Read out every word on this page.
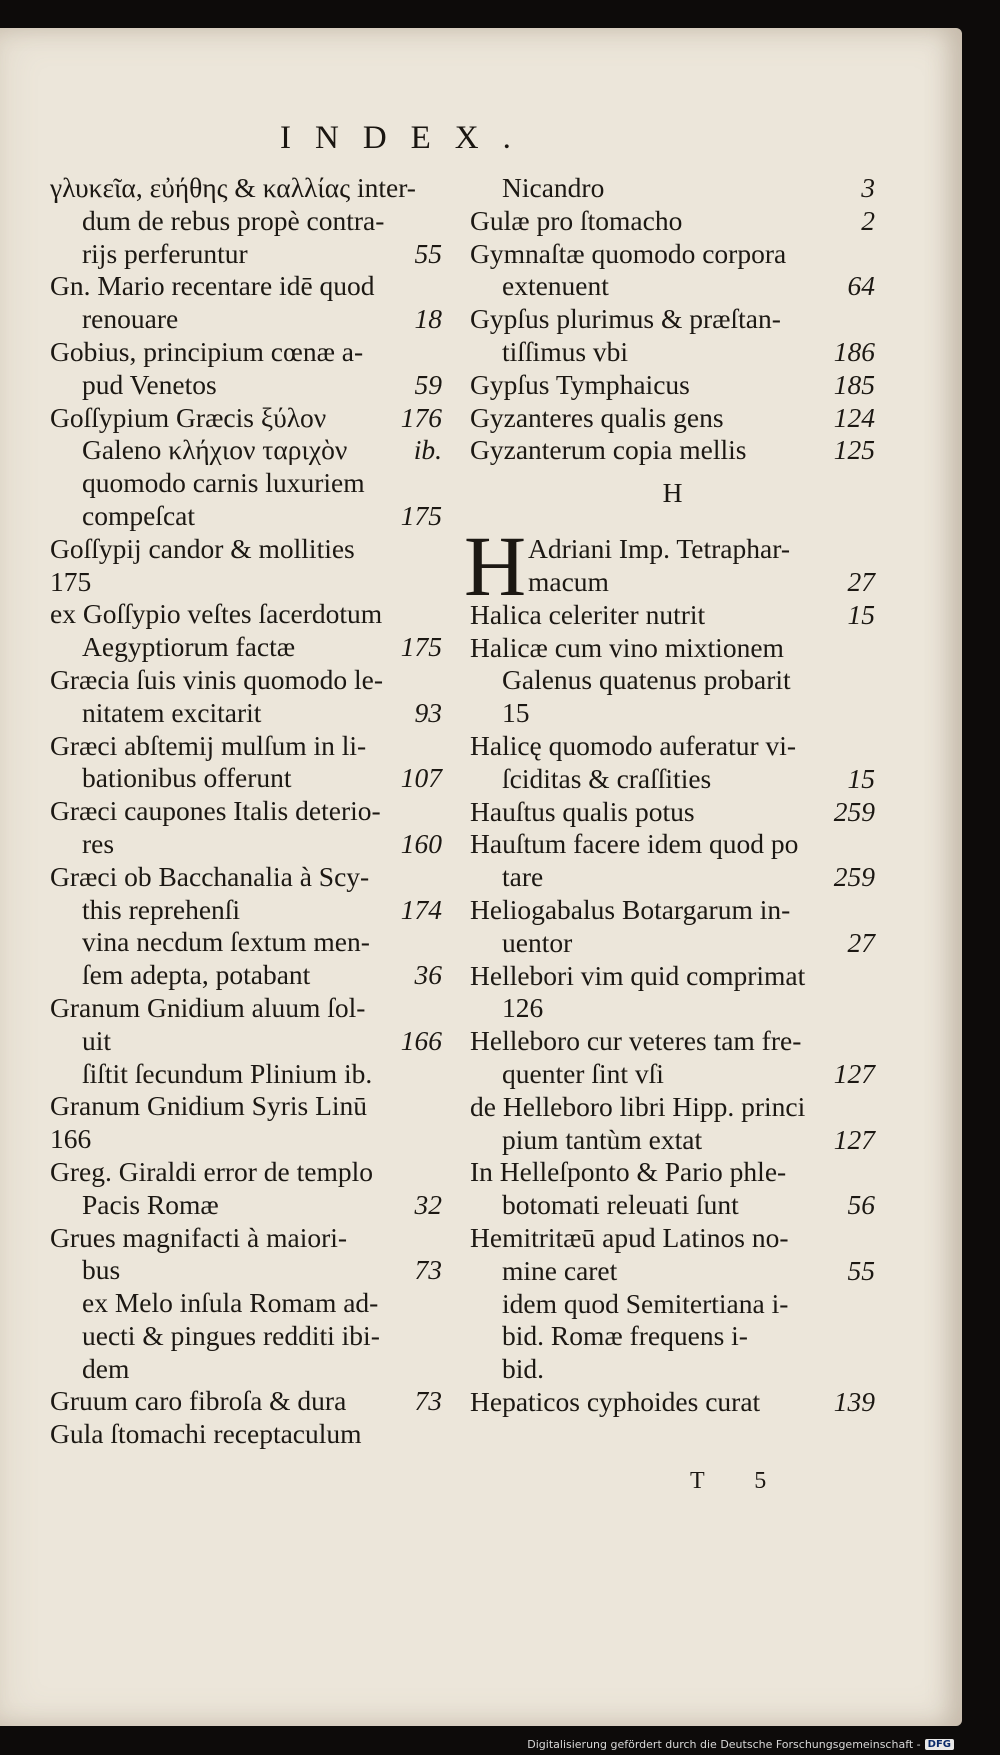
INDEX.
γλυκεῖα, εὐήθης & καλλίας inter-
dum de rebus propè contra-
rijs perferuntur	55
Gn. Mario recentare idē quod
renouare	18
Gobius, principium cœnæ a-
pud Venetos	59
Goſſypium Græcis ξύλον	176
Galeno κλήχιον ταριχὸν ib.
quomodo carnis luxuriem
compeſcat	175
Goſſypij candor & mollities
175
ex Goſſypio veſtes ſacerdotum
Aegyptiorum factæ	175
Græcia ſuis vinis quomodo le-
nitatem excitarit	93
Græci abſtemij mulſum in li-
bationibus offerunt	107
Græci caupones Italis deterio-
res	160
Græci ob Bacchanalia à Scy-
this reprehenſi	174
vina necdum ſextum men-
ſem adepta, potabant	36
Granum Gnidium aluum ſol-
uit	166
ſiſtit ſecundum Plinium ib.
Granum Gnidium Syris Linū
166
Greg. Giraldi error de templo
Pacis Romæ	32
Grues magnifacti à maiori-
bus	73
ex Melo inſula Romam ad-
uecti & pingues redditi ibi-
dem
Gruum caro fibroſa & dura 73
Gula ſtomachi receptaculum
Nicandro	3
Gulæ pro ſtomacho	2
Gymnaſtæ quomodo corpora
extenuent	64
Gypſus plurimus & præſtan-
tiſſimus vbi	186
Gypſus Tymphaicus	185
Gyzanteres qualis gens	124
Gyzanterum copia mellis	125
H
H Adriani Imp. Tetraphar-
macum	27
Halica celeriter nutrit	15
Halicæ cum vino mixtionem
Galenus quatenus probarit
15
Halicę quomodo auferatur vi-
ſciditas & craſſities	15
Hauſtus qualis potus	259
Hauſtum facere idem quod po
tare	259
Heliogabalus Botargarum in-
uentor	27
Hellebori vim quid comprimat
126
Helleboro cur veteres tam fre-
quenter ſint vſi	127
de Helleboro libri Hipp. princi
pium tantùm extat	127
In Helleſponto & Pario phle-
botomati releuati ſunt	56
Hemitritæū apud Latinos no-
mine caret	55
idem quod Semitertiana i-
bid. Romæ frequens i-
bid.
Hepaticos cyphoides curat	139
T 5
Digitalisierung gefördert durch die Deutsche Forschungsgemeinschaft - DFG
